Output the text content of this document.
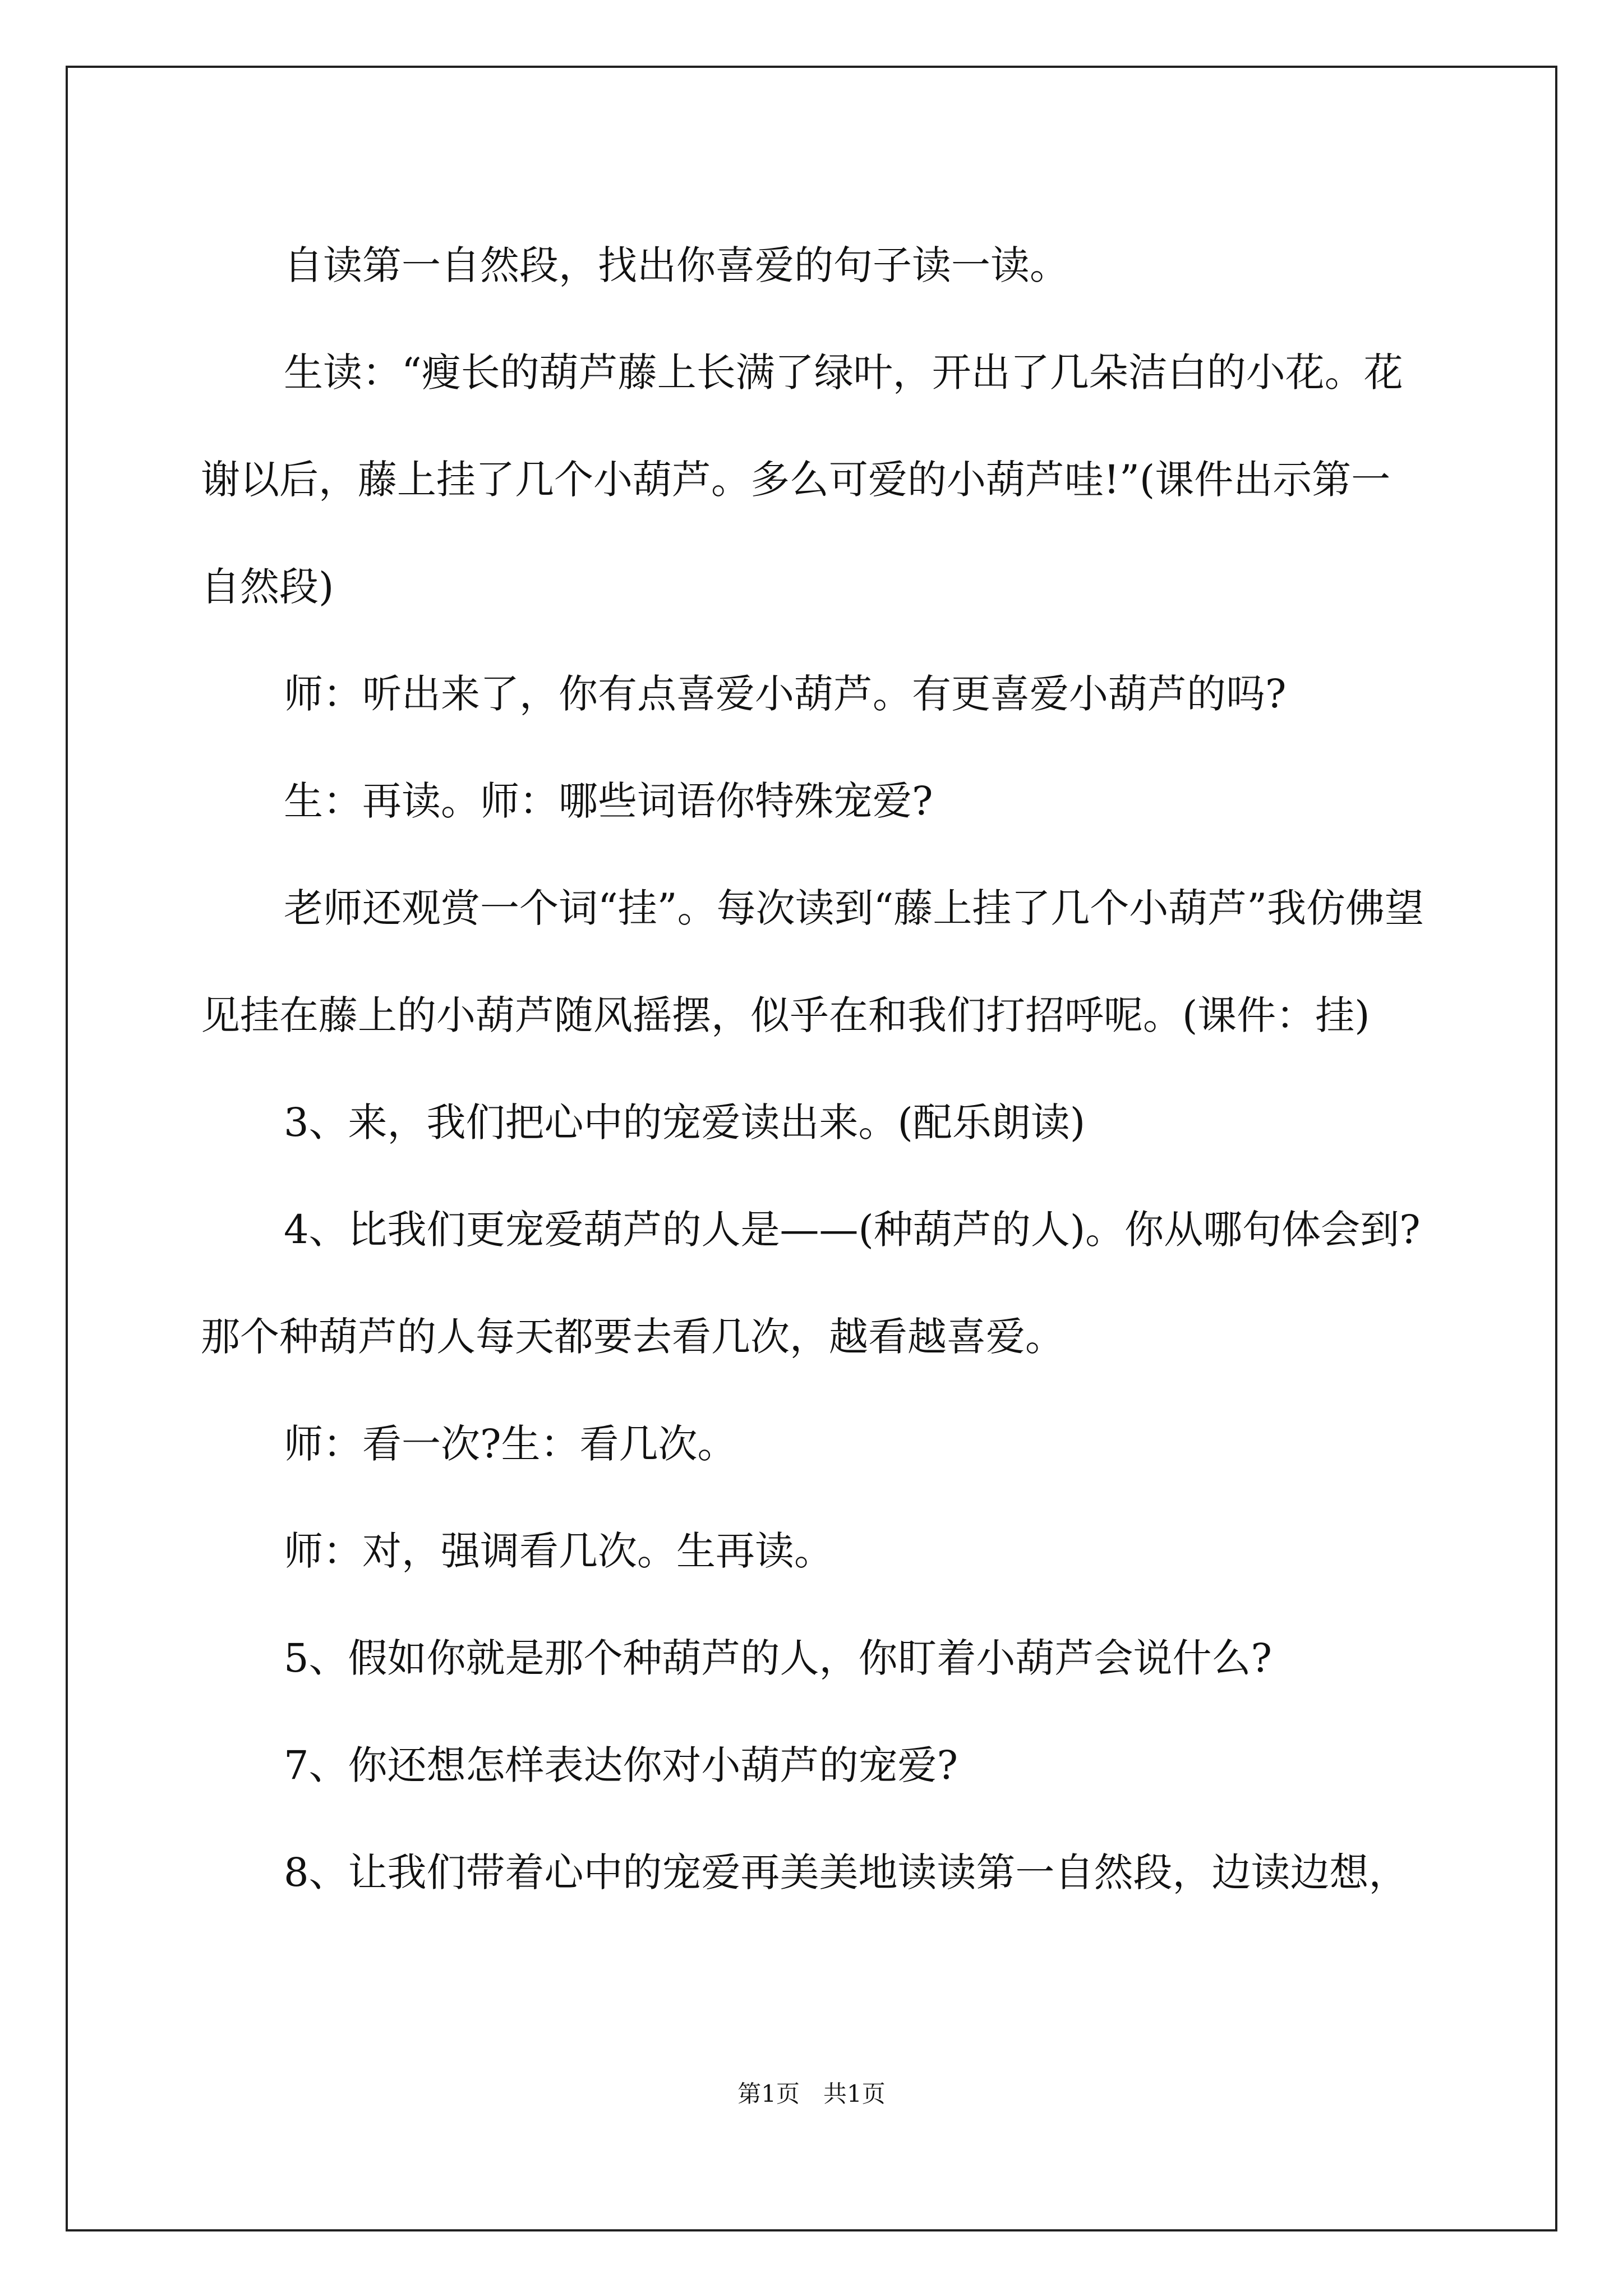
自读第一自然段，找出你喜爱的句子读一读。

生读：“瘦长的葫芦藤上长满了绿叶，开出了几朵洁白的小花。花谢以后，藤上挂了几个小葫芦。多么可爱的小葫芦哇!”(课件出示第一自然段)

师：听出来了，你有点喜爱小葫芦。有更喜爱小葫芦的吗?

生：再读。师：哪些词语你特殊宠爱?

老师还观赏一个词“挂”。每次读到“藤上挂了几个小葫芦”我仿佛望见挂在藤上的小葫芦随风摇摆，似乎在和我们打招呼呢。(课件：挂)

3、来，我们把心中的宠爱读出来。(配乐朗读)

4、比我们更宠爱葫芦的人是——(种葫芦的人)。你从哪句体会到?那个种葫芦的人每天都要去看几次，越看越喜爱。

师：看一次?生：看几次。

师：对，强调看几次。生再读。

5、假如你就是那个种葫芦的人，你盯着小葫芦会说什么?

7、你还想怎样表达你对小葫芦的宠爱?

8、让我们带着心中的宠爱再美美地读读第一自然段，边读边想，

第1页　共1页
